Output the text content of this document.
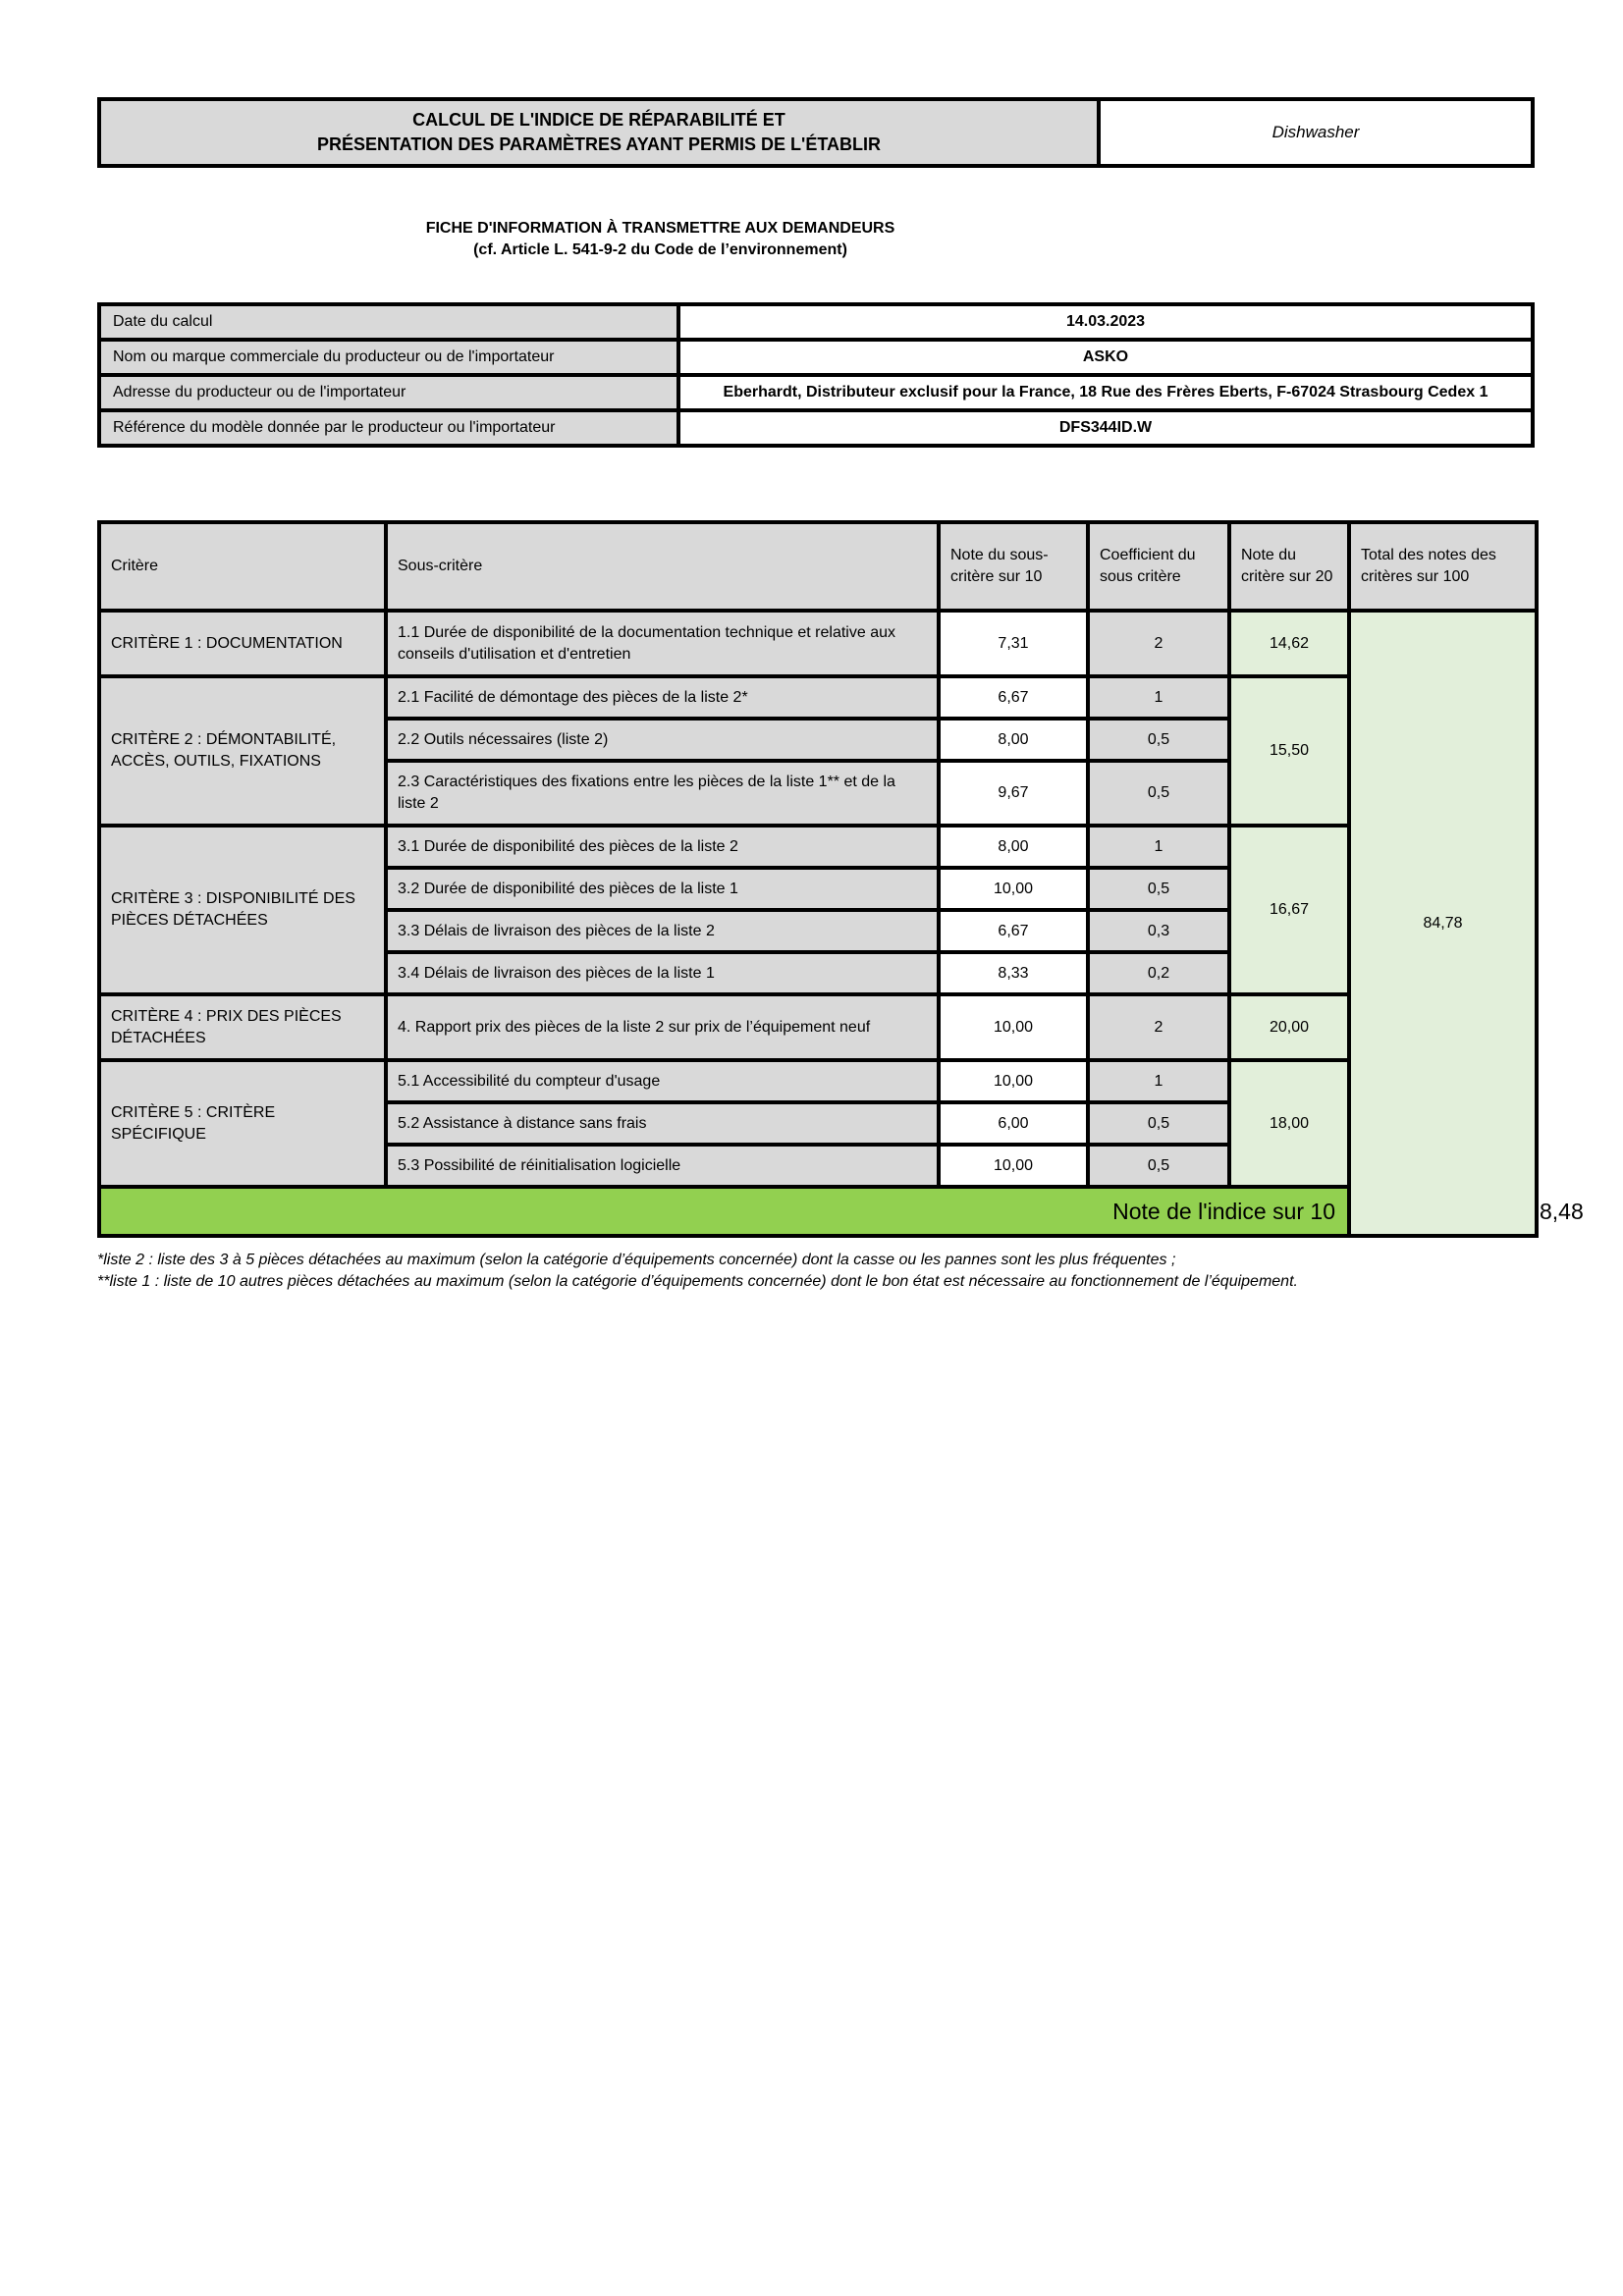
CALCUL DE L'INDICE DE RÉPARABILITÉ ET
PRÉSENTATION DES PARAMÈTRES AYANT PERMIS DE L'ÉTABLIR
Dishwasher
FICHE D'INFORMATION À TRANSMETTRE AUX DEMANDEURS
(cf. Article L. 541-9-2 du Code de l’environnement)
Date du calcul	14.03.2023
Nom ou marque commerciale du producteur ou de l'importateur	ASKO
Adresse du producteur ou de l'importateur	Eberhardt, Distributeur exclusif pour la France, 18 Rue des Frères Eberts, F-67024 Strasbourg Cedex 1
Référence du modèle donnée par le producteur ou l'importateur	DFS344ID.W
Critère	Sous-critère	Note du sous-critère sur 10	Coefficient du sous critère	Note du critère sur 20	Total des notes des critères sur 100	
CRITÈRE 1 : DOCUMENTATION	1.1 Durée de disponibilité de la documentation technique et relative aux conseils d'utilisation et d'entretien	7,31	2	14,62	84,78	
CRITÈRE 2 : DÉMONTABILITÉ, ACCÈS, OUTILS, FIXATIONS	2.1 Facilité de démontage des pièces de la liste 2*	6,67	1	15,50		
	2.2 Outils nécessaires (liste 2)	8,00	0,5			
	2.3 Caractéristiques des fixations entre les pièces de la liste 1** et de la liste 2	9,67	0,5			
CRITÈRE 3 : DISPONIBILITÉ DES PIÈCES DÉTACHÉES	3.1 Durée de disponibilité des pièces de la liste 2	8,00	1	16,67		
	3.2 Durée de disponibilité des pièces de la liste 1	10,00	0,5			
	3.3 Délais de livraison des pièces de la liste 2	6,67	0,3			
	3.4 Délais de livraison des pièces de la liste 1	8,33	0,2			
CRITÈRE 4 : PRIX DES PIÈCES DÉTACHÉES	4. Rapport prix des pièces de la liste 2 sur prix de l’équipement neuf	10,00	2	20,00		
CRITÈRE 5 : CRITÈRE SPÉCIFIQUE	5.1 Accessibilité du compteur d'usage	10,00	1	18,00		
	5.2 Assistance à distance sans frais	6,00	0,5			
	5.3 Possibilité de réinitialisation logicielle	10,00	0,5			
Note de l'indice sur 10						8,48
*liste 2 : liste des 3 à 5 pièces détachées au maximum (selon la catégorie d’équipements concernée) dont la casse ou les pannes sont les plus fréquentes ;
**liste 1 : liste de 10 autres pièces détachées au maximum (selon la catégorie d’équipements concernée) dont le bon état est nécessaire au fonctionnement de l’équipement.
